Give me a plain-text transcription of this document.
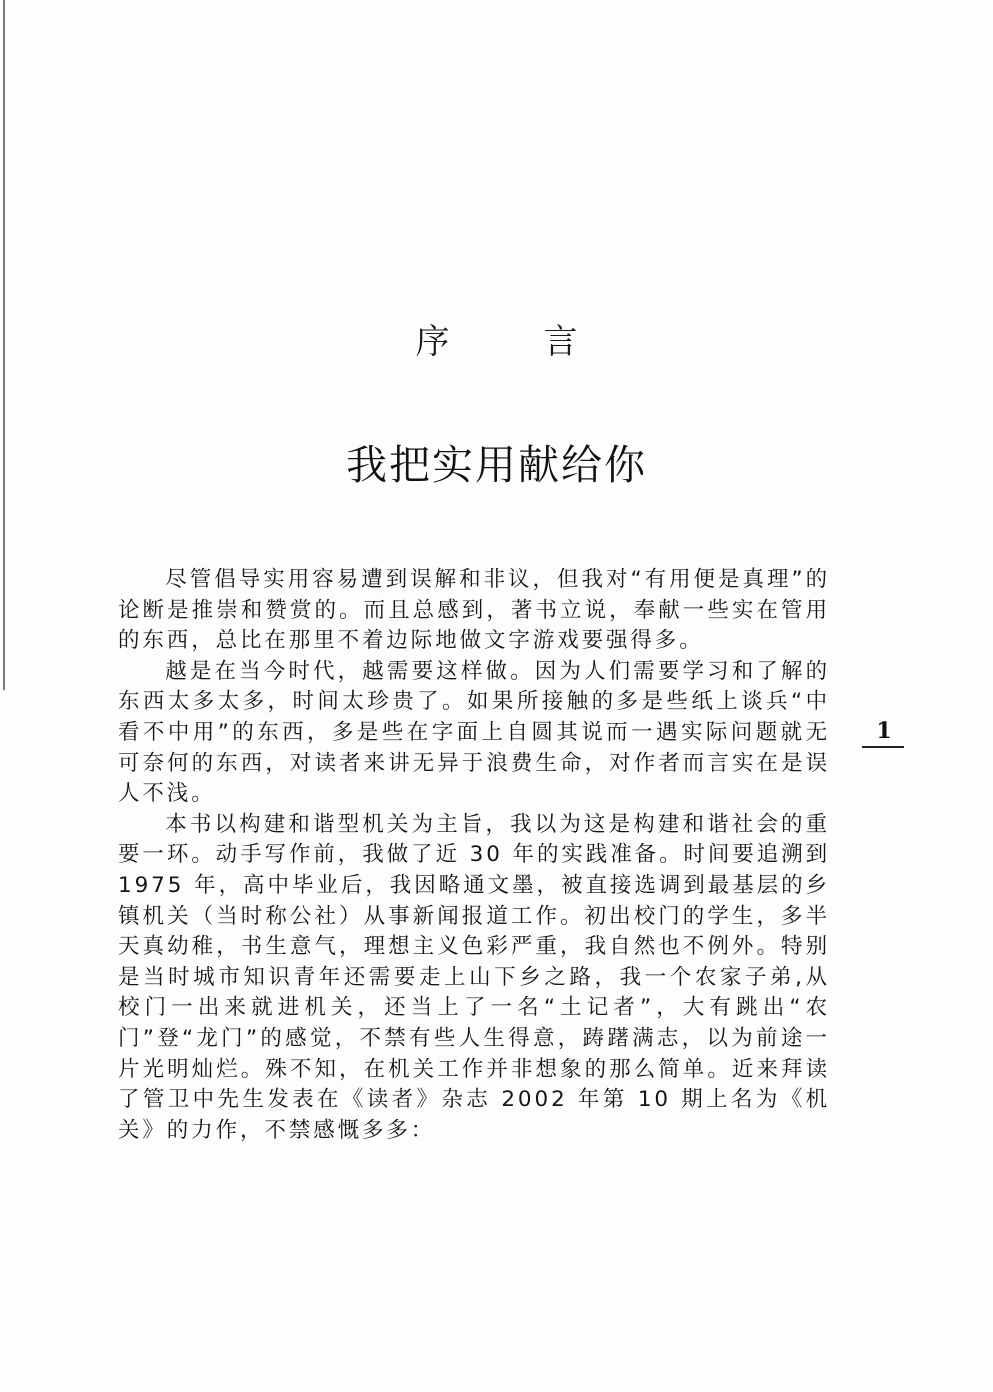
序　言
我把实用献给你

尽管倡导实用容易遭到误解和非议，但我对“有用便是真理”的论断是推崇和赞赏的。而且总感到，著书立说，奉献一些实在管用的东西，总比在那里不着边际地做文字游戏要强得多。

越是在当今时代，越需要这样做。因为人们需要学习和了解的东西太多太多，时间太珍贵了。如果所接触的多是些纸上谈兵“中看不中用”的东西，多是些在字面上自圆其说而一遇实际问题就无可奈何的东西，对读者来讲无异于浪费生命，对作者而言实在是误人不浅。

本书以构建和谐型机关为主旨，我以为这是构建和谐社会的重要一环。动手写作前，我做了近 30 年的实践准备。时间要追溯到 1975 年，高中毕业后，我因略通文墨，被直接选调到最基层的乡镇机关（当时称公社）从事新闻报道工作。初出校门的学生，多半天真幼稚，书生意气，理想主义色彩严重，我自然也不例外。特别是当时城市知识青年还需要走上山下乡之路，我一个农家子弟,从校门一出来就进机关，还当上了一名“土记者”，大有跳出“农门”登“龙门”的感觉，不禁有些人生得意，踌躇满志，以为前途一片光明灿烂。殊不知，在机关工作并非想象的那么简单。近来拜读了管卫中先生发表在《读者》杂志 2002 年第 10 期上名为《机关》的力作，不禁感慨多多：

1
